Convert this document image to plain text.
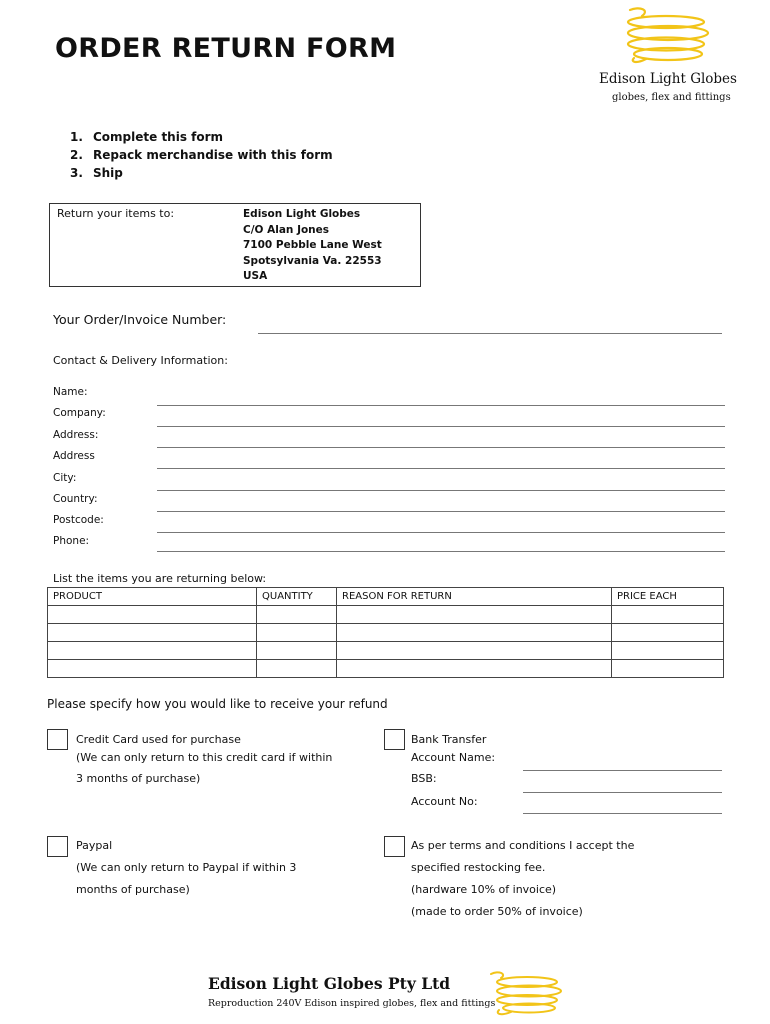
ORDER RETURN FORM
Edison Light Globes
globes, flex and fittings
1. Complete this form
2. Repack merchandise with this form
3. Ship
Return your items to:	Edison Light Globes
C/O Alan Jones
7100 Pebble Lane West
Spotsylvania Va. 22553
USA
Your Order/Invoice Number:
Contact & Delivery Information:
Name:
Company:
Address:
Address
City:
Country:
Postcode:
Phone:
List the items you are returning below:
PRODUCT	QUANTITY	REASON FOR RETURN	PRICE EACH

Please specify how you would like to receive your refund
Credit Card used for purchase
(We can only return to this credit card if within
3 months of purchase)
Bank Transfer
Account Name:
BSB:
Account No:
Paypal
(We can only return to Paypal if within 3
months of purchase)
As per terms and conditions I accept the
specified restocking fee.
(hardware 10% of invoice)
(made to order 50% of invoice)
Edison Light Globes Pty Ltd
Reproduction 240V Edison inspired globes, flex and fittings
